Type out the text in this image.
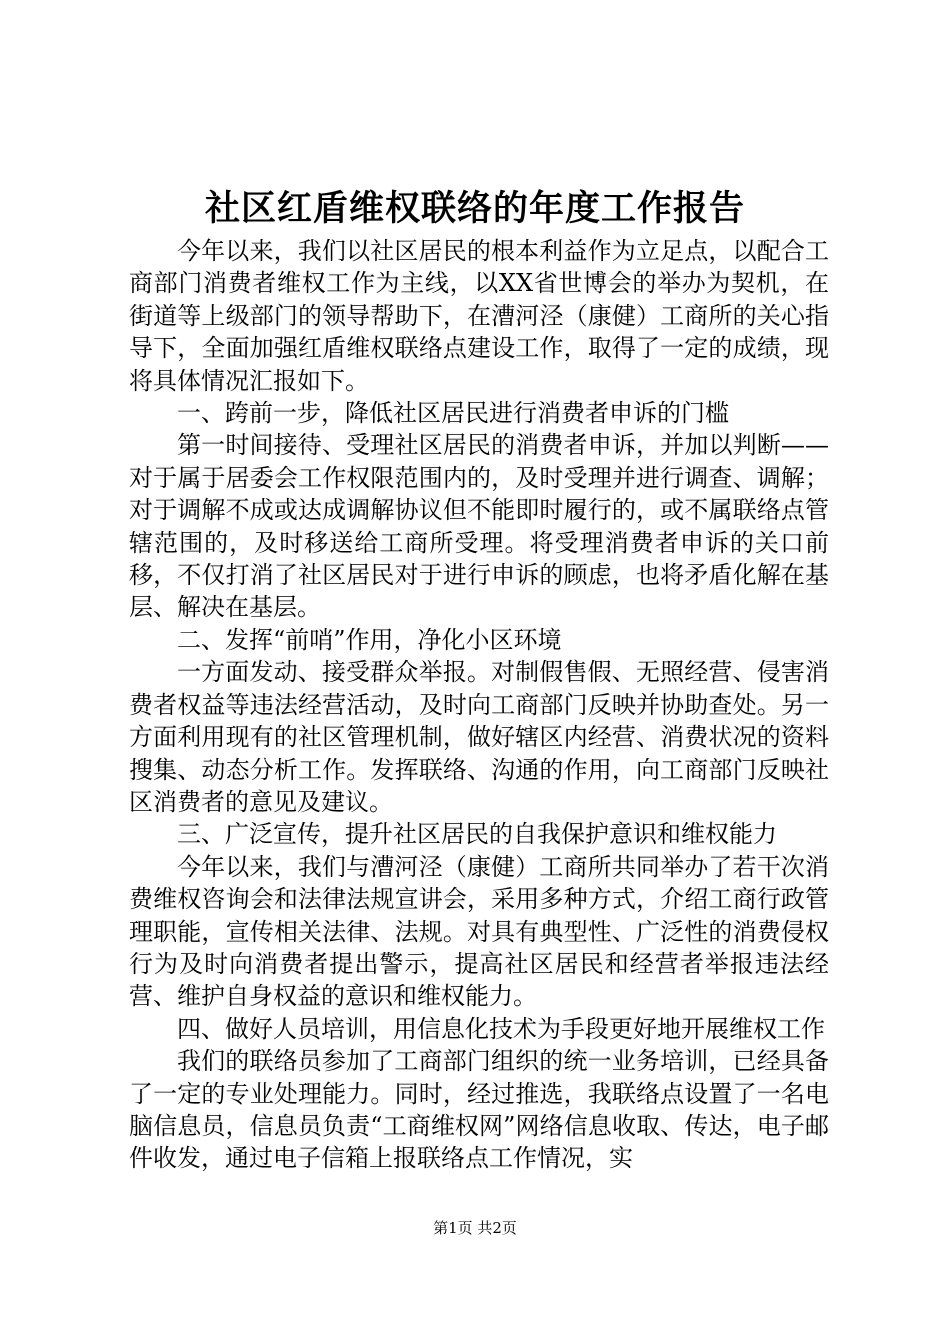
社区红盾维权联络的年度工作报告

今年以来，我们以社区居民的根本利益作为立足点，以配合工商部门消费者维权工作为主线，以XX省世博会的举办为契机，在街道等上级部门的领导帮助下，在漕河泾（康健）工商所的关心指导下，全面加强红盾维权联络点建设工作，取得了一定的成绩，现将具体情况汇报如下。

一、跨前一步，降低社区居民进行消费者申诉的门槛

第一时间接待、受理社区居民的消费者申诉，并加以判断——对于属于居委会工作权限范围内的，及时受理并进行调查、调解；对于调解不成或达成调解协议但不能即时履行的，或不属联络点管辖范围的，及时移送给工商所受理。将受理消费者申诉的关口前移，不仅打消了社区居民对于进行申诉的顾虑，也将矛盾化解在基层、解决在基层。

二、发挥“前哨”作用，净化小区环境

一方面发动、接受群众举报。对制假售假、无照经营、侵害消费者权益等违法经营活动，及时向工商部门反映并协助查处。另一方面利用现有的社区管理机制，做好辖区内经营、消费状况的资料搜集、动态分析工作。发挥联络、沟通的作用，向工商部门反映社区消费者的意见及建议。

三、广泛宣传，提升社区居民的自我保护意识和维权能力

今年以来，我们与漕河泾（康健）工商所共同举办了若干次消费维权咨询会和法律法规宣讲会，采用多种方式，介绍工商行政管理职能，宣传相关法律、法规。对具有典型性、广泛性的消费侵权行为及时向消费者提出警示，提高社区居民和经营者举报违法经营、维护自身权益的意识和维权能力。

四、做好人员培训，用信息化技术为手段更好地开展维权工作

我们的联络员参加了工商部门组织的统一业务培训，已经具备了一定的专业处理能力。同时，经过推选，我联络点设置了一名电脑信息员，信息员负责“工商维权网”网络信息收取、传达，电子邮件收发，通过电子信箱上报联络点工作情况，实

第1页 共2页
